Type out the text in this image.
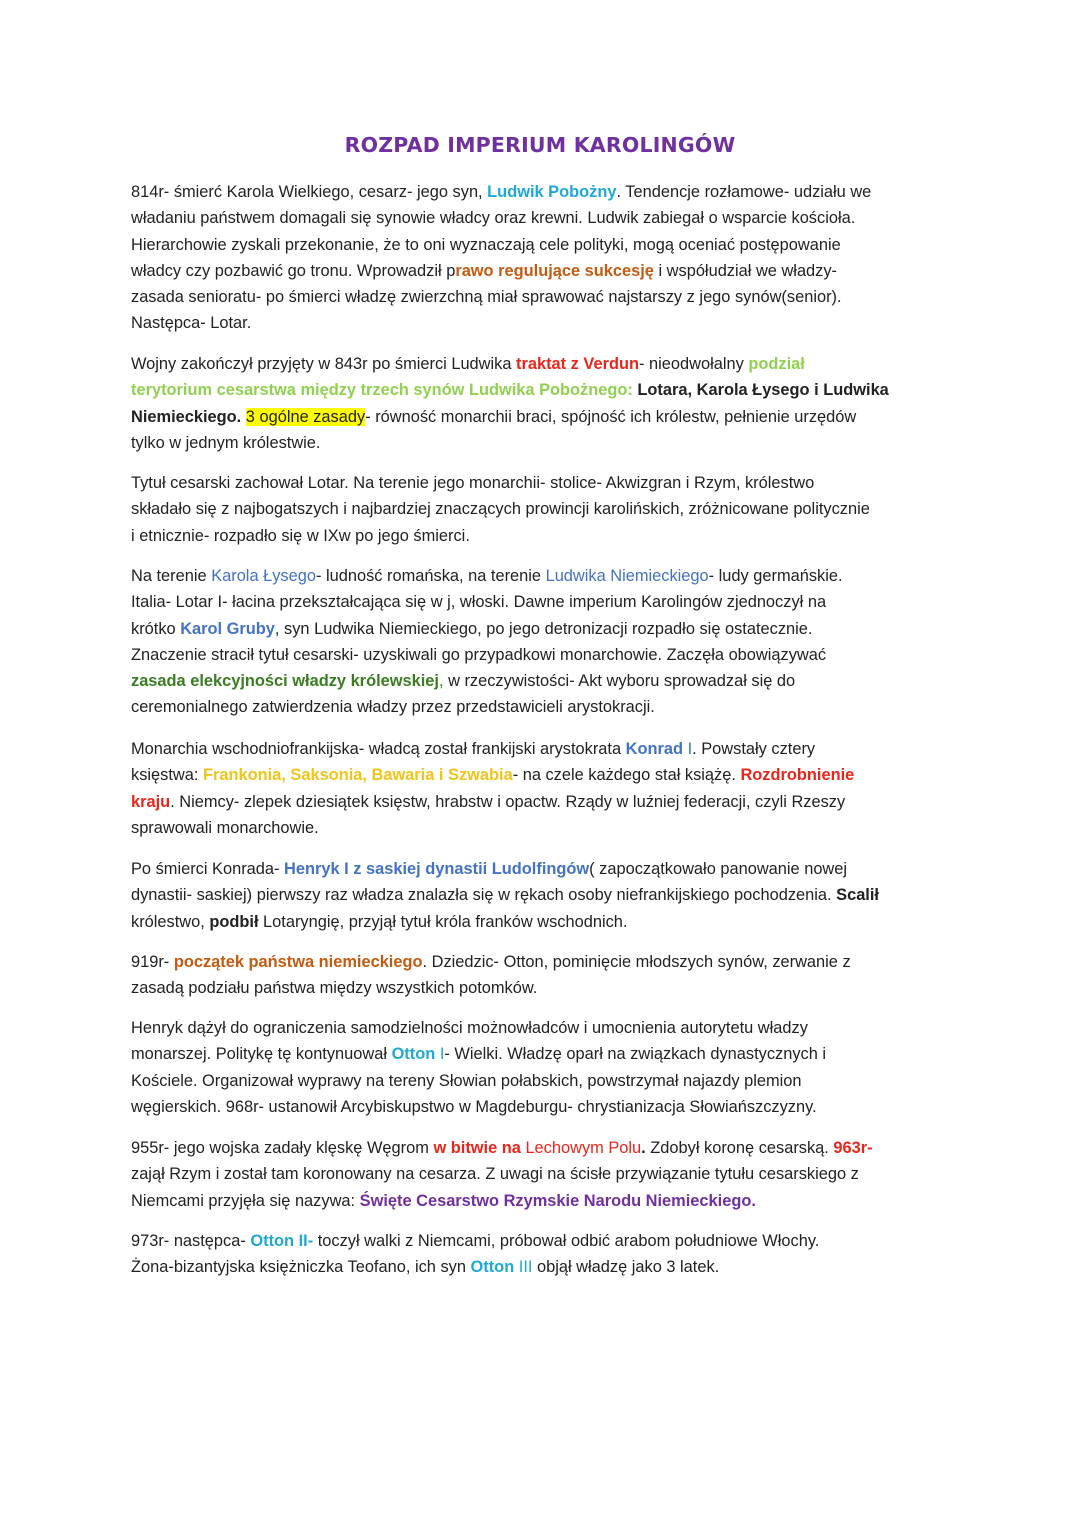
ROZPAD IMPERIUM KAROLINGÓW
814r- śmierć Karola Wielkiego, cesarz- jego syn, Ludwik Pobożny. Tendencje rozłamowe- udziału we
władaniu państwem domagali się synowie władcy oraz krewni. Ludwik zabiegał o wsparcie kościoła.
Hierarchowie zyskali przekonanie, że to oni wyznaczają cele polityki, mogą oceniać postępowanie
władcy czy pozbawić go tronu. Wprowadził prawo regulujące sukcesję i współudział we władzy-
zasada senioratu- po śmierci władzę zwierzchną miał sprawować najstarszy z jego synów(senior).
Następca- Lotar.
Wojny zakończył przyjęty w 843r po śmierci Ludwika traktat z Verdun- nieodwołalny podział
terytorium cesarstwa między trzech synów Ludwika Pobożnego: Lotara, Karola Łysego i Ludwika
Niemieckiego. 3 ogólne zasady- równość monarchii braci, spójność ich królestw, pełnienie urzędów
tylko w jednym królestwie.
Tytuł cesarski zachował Lotar. Na terenie jego monarchii- stolice- Akwizgran i Rzym, królestwo
składało się z najbogatszych i najbardziej znaczących prowincji karolińskich, zróżnicowane politycznie
i etnicznie- rozpadło się w IXw po jego śmierci.
Na terenie Karola Łysego- ludność romańska, na terenie Ludwika Niemieckiego- ludy germańskie.
Italia- Lotar I- łacina przekształcająca się w j, włoski. Dawne imperium Karolingów zjednoczył na
krótko Karol Gruby, syn Ludwika Niemieckiego, po jego detronizacji rozpadło się ostatecznie.
Znaczenie stracił tytuł cesarski- uzyskiwali go przypadkowi monarchowie. Zaczęła obowiązywać
zasada elekcyjności władzy królewskiej, w rzeczywistości- Akt wyboru sprowadzał się do
ceremonialnego zatwierdzenia władzy przez przedstawicieli arystokracji.
Monarchia wschodniofrankijska- władcą został frankijski arystokrata Konrad I. Powstały cztery
księstwa: Frankonia, Saksonia, Bawaria i Szwabia- na czele każdego stał książę. Rozdrobnienie
kraju. Niemcy- zlepek dziesiątek księstw, hrabstw i opactw. Rządy w luźniej federacji, czyli Rzeszy
sprawowali monarchowie.
Po śmierci Konrada- Henryk I z saskiej dynastii Ludolfingów( zapoczątkowało panowanie nowej
dynastii- saskiej) pierwszy raz władza znalazła się w rękach osoby niefrankijskiego pochodzenia. Scalił
królestwo, podbił Lotaryngię, przyjął tytuł króla franków wschodnich.
919r- początek państwa niemieckiego. Dziedzic- Otton, pominięcie młodszych synów, zerwanie z
zasadą podziału państwa między wszystkich potomków.
Henryk dążył do ograniczenia samodzielności możnowładców i umocnienia autorytetu władzy
monarszej. Politykę tę kontynuował Otton I- Wielki. Władzę oparł na związkach dynastycznych i
Kościele. Organizował wyprawy na tereny Słowian połabskich, powstrzymał najazdy plemion
węgierskich. 968r- ustanowił Arcybiskupstwo w Magdeburgu- chrystianizacja Słowiańszczyzny.
955r- jego wojska zadały klęskę Węgrom w bitwie na Lechowym Polu. Zdobył koronę cesarską. 963r-
zajął Rzym i został tam koronowany na cesarza. Z uwagi na ścisłe przywiązanie tytułu cesarskiego z
Niemcami przyjęła się nazywa: Święte Cesarstwo Rzymskie Narodu Niemieckiego.
973r- następca- Otton II- toczył walki z Niemcami, próbował odbić arabom południowe Włochy.
Żona-bizantyjska księżniczka Teofano, ich syn Otton III objął władzę jako 3 latek.
